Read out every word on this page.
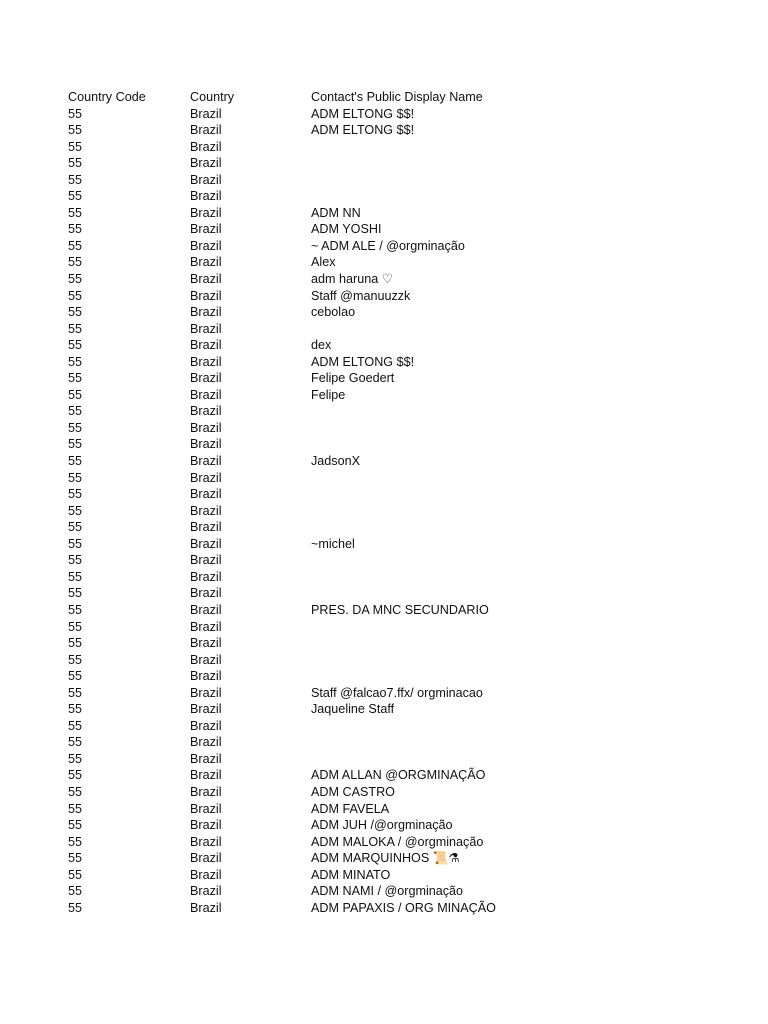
Country Code	Country	Contact's Public Display Name
55	Brazil	ADM ELTONG $$!
55	Brazil	ADM ELTONG $$!
55	Brazil
55	Brazil
55	Brazil
55	Brazil
55	Brazil	ADM NN
55	Brazil	ADM YOSHI
55	Brazil	~ ADM ALE / @orgminação
55	Brazil	Alex
55	Brazil	adm haruna ♡
55	Brazil	Staff @manuuzzk
55	Brazil	cebolao
55	Brazil
55	Brazil	dex
55	Brazil	ADM ELTONG $$!
55	Brazil	Felipe Goedert
55	Brazil	Felipe
55	Brazil
55	Brazil
55	Brazil
55	Brazil	JadsonX
55	Brazil
55	Brazil
55	Brazil
55	Brazil
55	Brazil	~michel
55	Brazil
55	Brazil
55	Brazil
55	Brazil	PRES. DA MNC SECUNDARIO
55	Brazil
55	Brazil
55	Brazil
55	Brazil
55	Brazil	Staff @falcao7.ffx/ orgminacao
55	Brazil	Jaqueline Staff
55	Brazil
55	Brazil
55	Brazil
55	Brazil	ADM ALLAN @ORGMINAÇÃO
55	Brazil	ADM CASTRO
55	Brazil	ADM FAVELA
55	Brazil	ADM JUH /@orgminação
55	Brazil	ADM MALOKA / @orgminação
55	Brazil	ADM MARQUINHOS 📜⚗
55	Brazil	ADM MINATO
55	Brazil	ADM NAMI / @orgminação
55	Brazil	ADM PAPAXIS / ORG MINAÇÃO
